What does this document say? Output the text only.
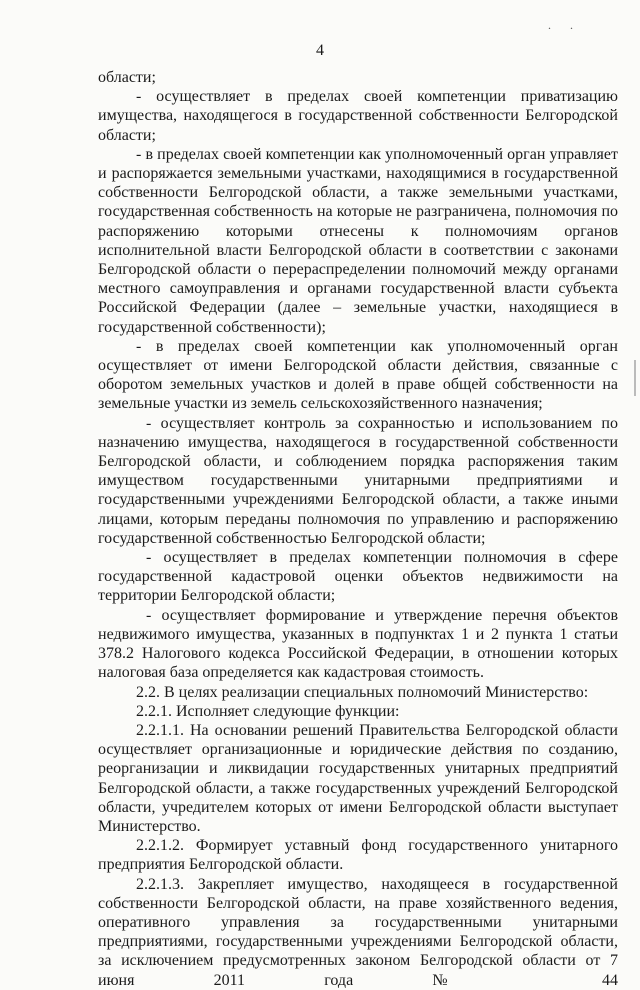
. .
4

области;

- осуществляет в пределах своей компетенции приватизацию имущества, находящегося в государственной собственности Белгородской области;

- в пределах своей компетенции как уполномоченный орган управляет и распоряжается земельными участками, находящимися в государственной собственности Белгородской области, а также земельными участками, государственная собственность на которые не разграничена, полномочия по распоряжению которыми отнесены к полномочиям органов исполнительной власти Белгородской области в соответствии с законами Белгородской области о перераспределении полномочий между органами местного самоуправления и органами государственной власти субъекта Российской Федерации (далее – земельные участки, находящиеся в государственной собственности);

- в пределах своей компетенции как уполномоченный орган осуществляет от имени Белгородской области действия, связанные с оборотом земельных участков и долей в праве общей собственности на земельные участки из земель сельскохозяйственного назначения;

- осуществляет контроль за сохранностью и использованием по назначению имущества, находящегося в государственной собственности Белгородской области, и соблюдением порядка распоряжения таким имуществом государственными унитарными предприятиями и государственными учреждениями Белгородской области, а также иными лицами, которым переданы полномочия по управлению и распоряжению государственной собственностью Белгородской области;

- осуществляет в пределах компетенции полномочия в сфере государственной кадастровой оценки объектов недвижимости на территории Белгородской области;

- осуществляет формирование и утверждение перечня объектов недвижимого имущества, указанных в подпунктах 1 и 2 пункта 1 статьи 378.2 Налогового кодекса Российской Федерации, в отношении которых налоговая база определяется как кадастровая стоимость.

2.2. В целях реализации специальных полномочий Министерство:

2.2.1. Исполняет следующие функции:

2.2.1.1. На основании решений Правительства Белгородской области осуществляет организационные и юридические действия по созданию, реорганизации и ликвидации государственных унитарных предприятий Белгородской области, а также государственных учреждений Белгородской области, учредителем которых от имени Белгородской области выступает Министерство.

2.2.1.2. Формирует уставный фонд государственного унитарного предприятия Белгородской области.

2.2.1.3. Закрепляет имущество, находящееся в государственной собственности Белгородской области, на праве хозяйственного ведения, оперативного управления за государственными унитарными предприятиями, государственными учреждениями Белгородской области, за исключением предусмотренных законом Белгородской области от 7 июня 2011 года № 44
